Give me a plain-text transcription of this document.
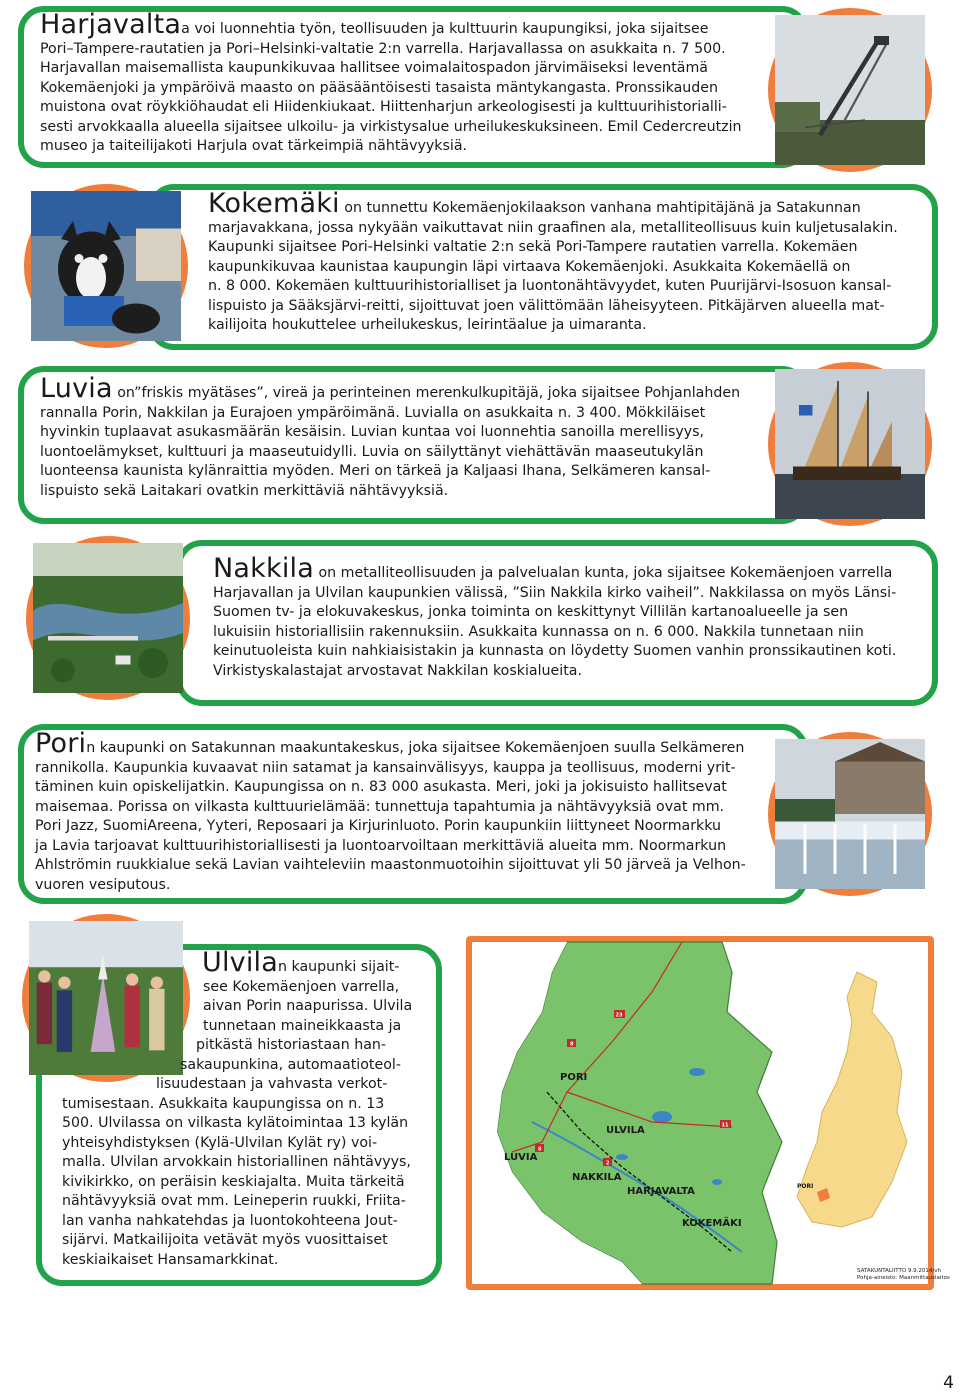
Harjavaltaa voi luonnehtia työn, teollisuuden ja kulttuurin kaupungiksi, joka sijaitsee
Pori–Tampere-rautatien ja Pori–Helsinki-valtatie 2:n varrella. Harjavallassa on asukkaita n. 7 500.
Harjavallan maisemallista kaupunkikuvaa hallitsee voimalaitospadon järvimäiseksi leventämä
Kokemäenjoki ja ympäröivä maasto on pääsääntöisesti tasaista mäntykangasta. Pronssikauden
muistona ovat röykkiöhaudat eli Hiidenkiukaat. Hiittenharjun arkeologisesti ja kulttuurihistorialli-
sesti arvokkaalla alueella sijaitsee ulkoilu- ja virkistysalue urheilukeskuksineen. Emil Cedercreutzin
museo ja taiteilijakoti Harjula ovat tärkeimpiä nähtävyyksiä.
Kokemäki on tunnettu Kokemäenjokilaakson vanhana mahtipitäjänä ja Satakunnan
marjavakkana, jossa nykyään vaikuttavat niin graafinen ala, metalliteollisuus kuin kuljetusalakin.
Kaupunki sijaitsee Pori-Helsinki valtatie 2:n sekä Pori-Tampere rautatien varrella. Kokemäen
kaupunkikuvaa kaunistaa kaupungin läpi virtaava Kokemäenjoki. Asukkaita Kokemäellä on
n. 8 000. Kokemäen kulttuurihistorialliset ja luontonähtävyydet, kuten Puurijärvi-Isosuon kansal-
lispuisto ja Sääksjärvi-reitti, sijoittuvat joen välittömään läheisyyteen. Pitkäjärven alueella mat-
kailijoita houkuttelee urheilukeskus, leirintäalue ja uimaranta.
Luvia on”friskis myätäses”, vireä ja perinteinen merenkulkupitäjä, joka sijaitsee Pohjanlahden
rannalla Porin, Nakkilan ja Eurajoen ympäröimänä. Luvialla on asukkaita n. 3 400. Mökkiläiset
hyvinkin tuplaavat asukasmäärän kesäisin. Luvian kuntaa voi luonnehtia sanoilla merellisyys,
luontoelämykset, kulttuuri ja maaseutuidylli. Luvia on säilyttänyt viehättävän maaseutukylän
luonteensa kaunista kylänraittia myöden. Meri on tärkeä ja Kaljaasi Ihana, Selkämeren kansal-
lispuisto sekä Laitakari ovatkin merkittäviä nähtävyyksiä.
Nakkila on metalliteollisuuden ja palvelualan kunta, joka sijaitsee Kokemäenjoen varrella
Harjavallan ja Ulvilan kaupunkien välissä, ”Siin Nakkila kirko vaiheil”. Nakkilassa on myös Länsi-
Suomen tv- ja elokuvakeskus, jonka toiminta on keskittynyt Villilän kartanoalueelle ja sen
lukuisiin historiallisiin rakennuksiin. Asukkaita kunnassa on n. 6 000. Nakkila tunnetaan niin
keinutuoleista kuin nahkiaisistakin ja kunnasta on löydetty Suomen vanhin pronssikautinen koti.
Virkistyskalastajat arvostavat Nakkilan koskialueita.
Porin kaupunki on Satakunnan maakuntakeskus, joka sijaitsee Kokemäenjoen suulla Selkämeren
rannikolla. Kaupunkia kuvaavat niin satamat ja kansainvälisyys, kauppa ja teollisuus, moderni yrit-
täminen kuin opiskelijatkin. Kaupungissa on n. 83 000 asukasta. Meri, joki ja jokisuisto hallitsevat
maisemaa. Porissa on vilkasta kulttuurielämää: tunnettuja tapahtumia ja nähtävyyksiä ovat mm.
Pori Jazz, SuomiAreena, Yyteri, Reposaari ja Kirjurinluoto. Porin kaupunkiin liittyneet Noormarkku
ja Lavia tarjoavat kulttuurihistoriallisesti ja luontoarvoiltaan merkittäviä alueita mm. Noormarkun
Ahlströmin ruukkialue sekä Lavian vaihteleviin maastonmuotoihin sijoittuvat yli 50 järveä ja Velhon-
vuoren vesiputous.
Ulvilan kaupunki sijait-
see Kokemäenjoen varrella,
aivan Porin naapurissa. Ulvila
tunnetaan maineikkaasta ja
pitkästä historiastaan han-
sakaupunkina, automaatioteol-
lisuudestaan ja vahvasta verkot-
tumisestaan. Asukkaita kaupungissa on n. 13
500. Ulvilassa on vilkasta kylätoimintaa 13 kylän
yhteisyhdistyksen (Kylä-Ulvilan Kylät ry) voi-
malla. Ulvilan arvokkain historiallinen nähtävyys,
kivikirkko, on peräisin keskiajalta. Muita tärkeitä
nähtävyyksiä ovat mm. Leineperin ruukki, Friita-
lan vanha nahkatehdas ja luontokohteena Jout-
sijärvi. Matkailijoita vetävät myös vuosittaiset
keskiaikaiset Hansamarkkinat.
23
8
11
8
2
PORI
ULVILA
LUVIA
NAKKILA
HARJAVALTA
KOKEMÄKI
PORI
SATAKUNTALIITTO 9.9.2014/vh
Pohja-aineisto: Maanmittauslaitos
4
